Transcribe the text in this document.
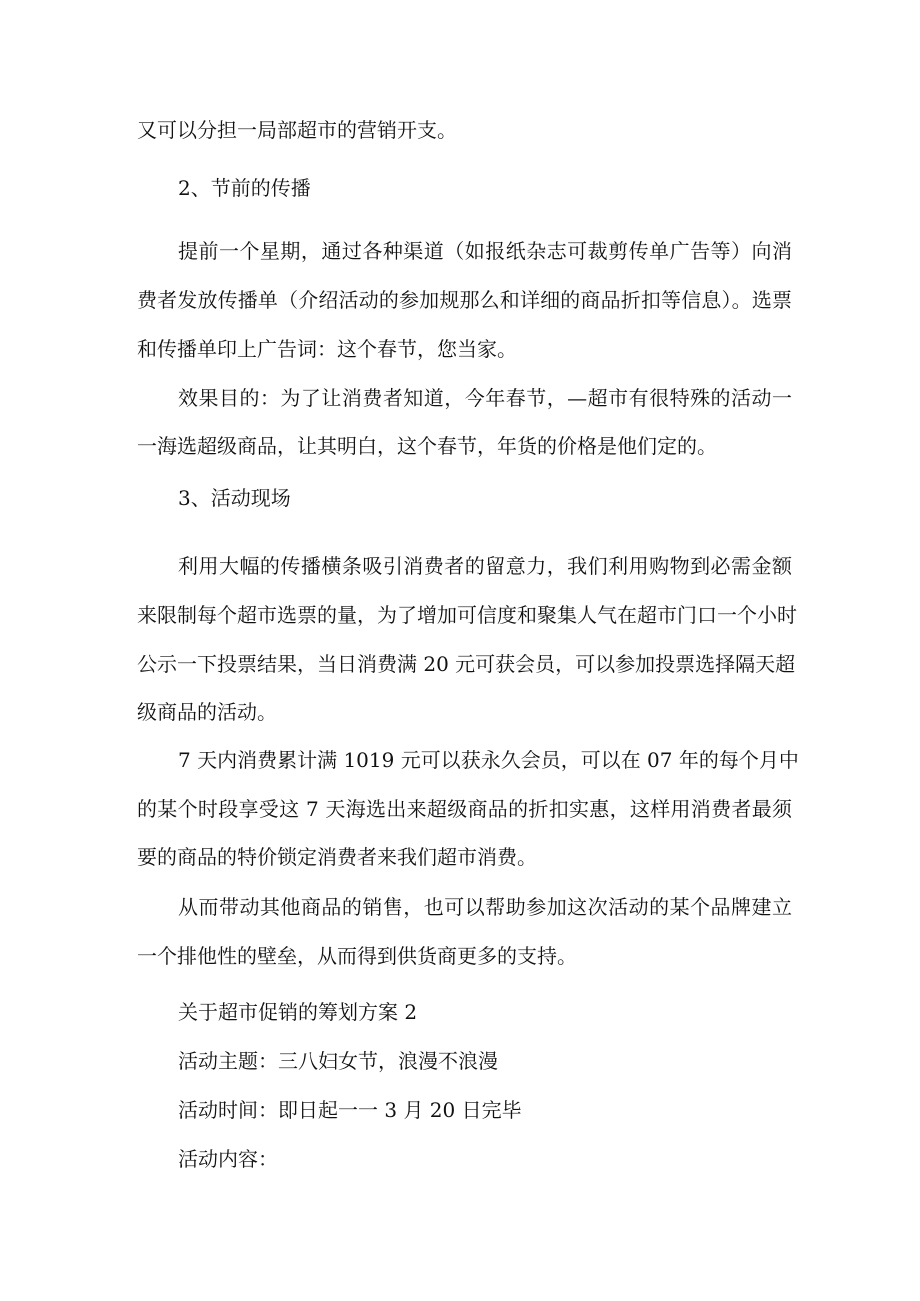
又可以分担一局部超市的营销开支。
2、节前的传播
提前一个星期，通过各种渠道（如报纸杂志可裁剪传单广告等）向消
费者发放传播单（介绍活动的参加规那么和详细的商品折扣等信息）。选票
和传播单印上广告词：这个春节，您当家。
效果目的：为了让消费者知道，今年春节，—超市有很特殊的活动一
一海选超级商品，让其明白，这个春节，年货的价格是他们定的。
3、活动现场
利用大幅的传播横条吸引消费者的留意力，我们利用购物到必需金额
来限制每个超市选票的量，为了增加可信度和聚集人气在超市门口一个小时
公示一下投票结果，当日消费满 20 元可获会员，可以参加投票选择隔天超
级商品的活动。
7 天内消费累计满 1019 元可以获永久会员，可以在 07 年的每个月中
的某个时段享受这 7 天海选出来超级商品的折扣实惠，这样用消费者最须
要的商品的特价锁定消费者来我们超市消费。
从而带动其他商品的销售，也可以帮助参加这次活动的某个品牌建立
一个排他性的壁垒，从而得到供货商更多的支持。
关于超市促销的筹划方案 2
活动主题：三八妇女节，浪漫不浪漫
活动时间：即日起一一 3 月 20 日完毕
活动内容：
